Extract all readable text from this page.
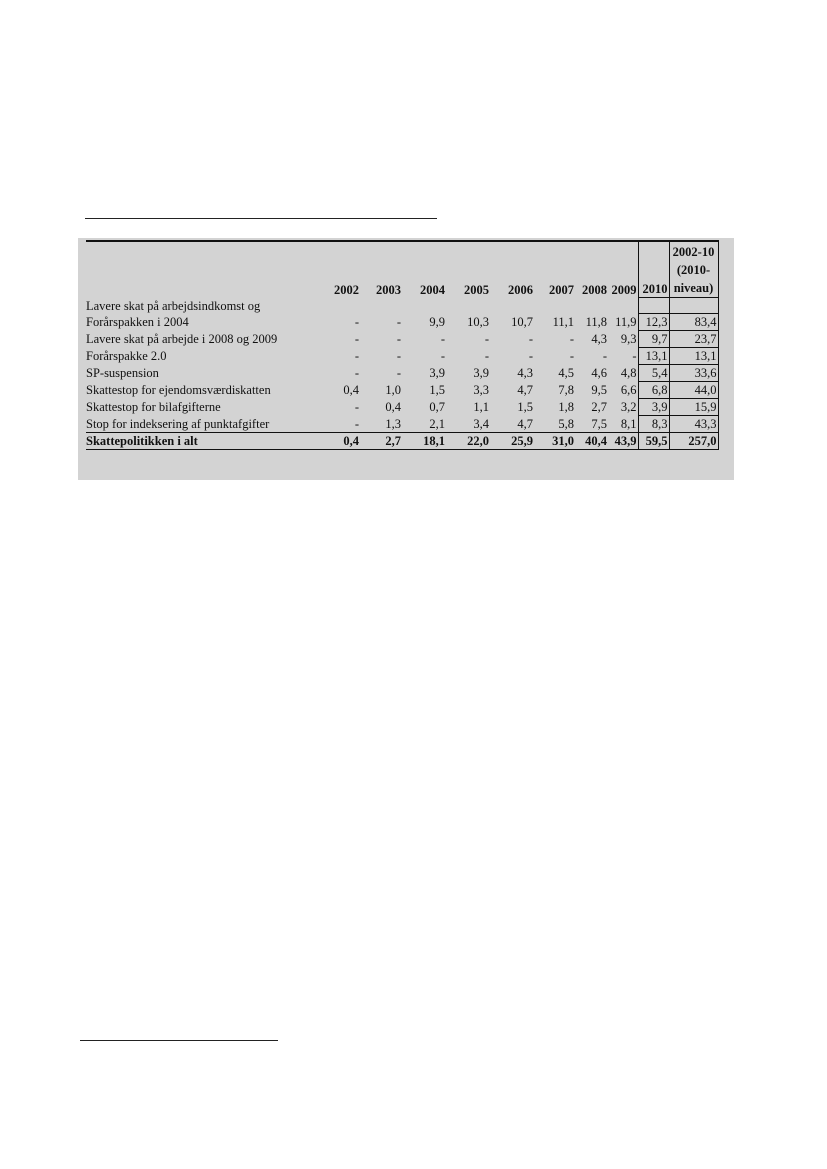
	2002	2003	2004	2005	2006	2007	2008	2009	2010	2002-10
(2010-
niveau)
Lavere skat på arbejdsindkomst og										
Forårspakken i 2004	-	-	9,9	10,3	10,7	11,1	11,8	11,9	12,3	83,4
Lavere skat på arbejde i 2008 og 2009	-	-	-	-	-	-	4,3	9,3	9,7	23,7
Forårspakke 2.0	-	-	-	-	-	-	-	-	13,1	13,1
SP-suspension	-	-	3,9	3,9	4,3	4,5	4,6	4,8	5,4	33,6
Skattestop for ejendomsværdiskatten	0,4	1,0	1,5	3,3	4,7	7,8	9,5	6,6	6,8	44,0
Skattestop for bilafgifterne	-	0,4	0,7	1,1	1,5	1,8	2,7	3,2	3,9	15,9
Stop for indeksering af punktafgifter	-	1,3	2,1	3,4	4,7	5,8	7,5	8,1	8,3	43,3
Skattepolitikken i alt	0,4	2,7	18,1	22,0	25,9	31,0	40,4	43,9	59,5	257,0
